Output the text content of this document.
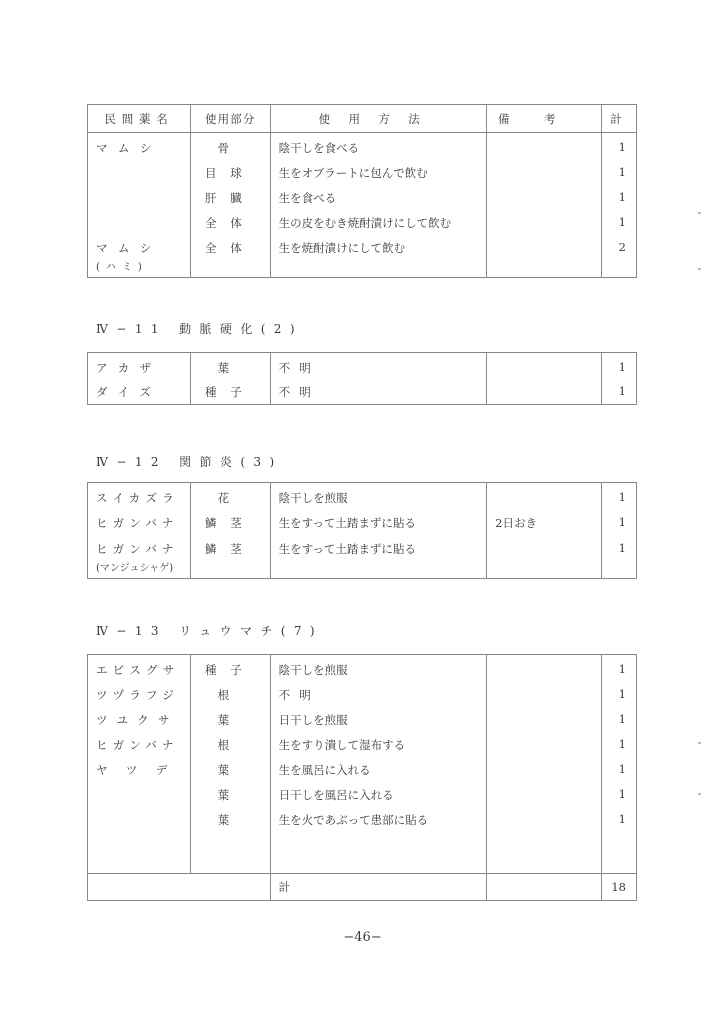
民間薬名	使用部分	使用方法	備考	計
マムシ	骨	陰干しを食べる		1
	目球	生をオブラートに包んで飲む		1
	肝臓	生を食べる		1
	全体	生の皮をむき焼酎漬けにして飲む		1
マムシ
(ハミ)	全体	生を焼酎漬けにして飲む		2
Ⅳ−11 動脈硬化(2)
アカザ	葉	不明		1
ダイズ	種子	不明		1
Ⅳ−12 関節炎(3)
スイカズラ	花	陰干しを煎服		1
ヒガンバナ	鱗茎	生をすって土踏まずに貼る	2日おき	1
ヒガンバナ
(マンジュシャゲ)	鱗茎	生をすって土踏まずに貼る		1
Ⅳ−13 リュウマチ(7)
エビスグサ	種子	陰干しを煎服		1
ツヅラフジ	根	不明		1
ツユクサ	葉	日干しを煎服		1
ヒガンバナ	根	生をすり潰して湿布する		1
ヤツデ	葉	生を風呂に入れる		1
	葉	日干しを風呂に入れる		1
	葉	生を火であぶって患部に貼る		1
		計		18
−46−
